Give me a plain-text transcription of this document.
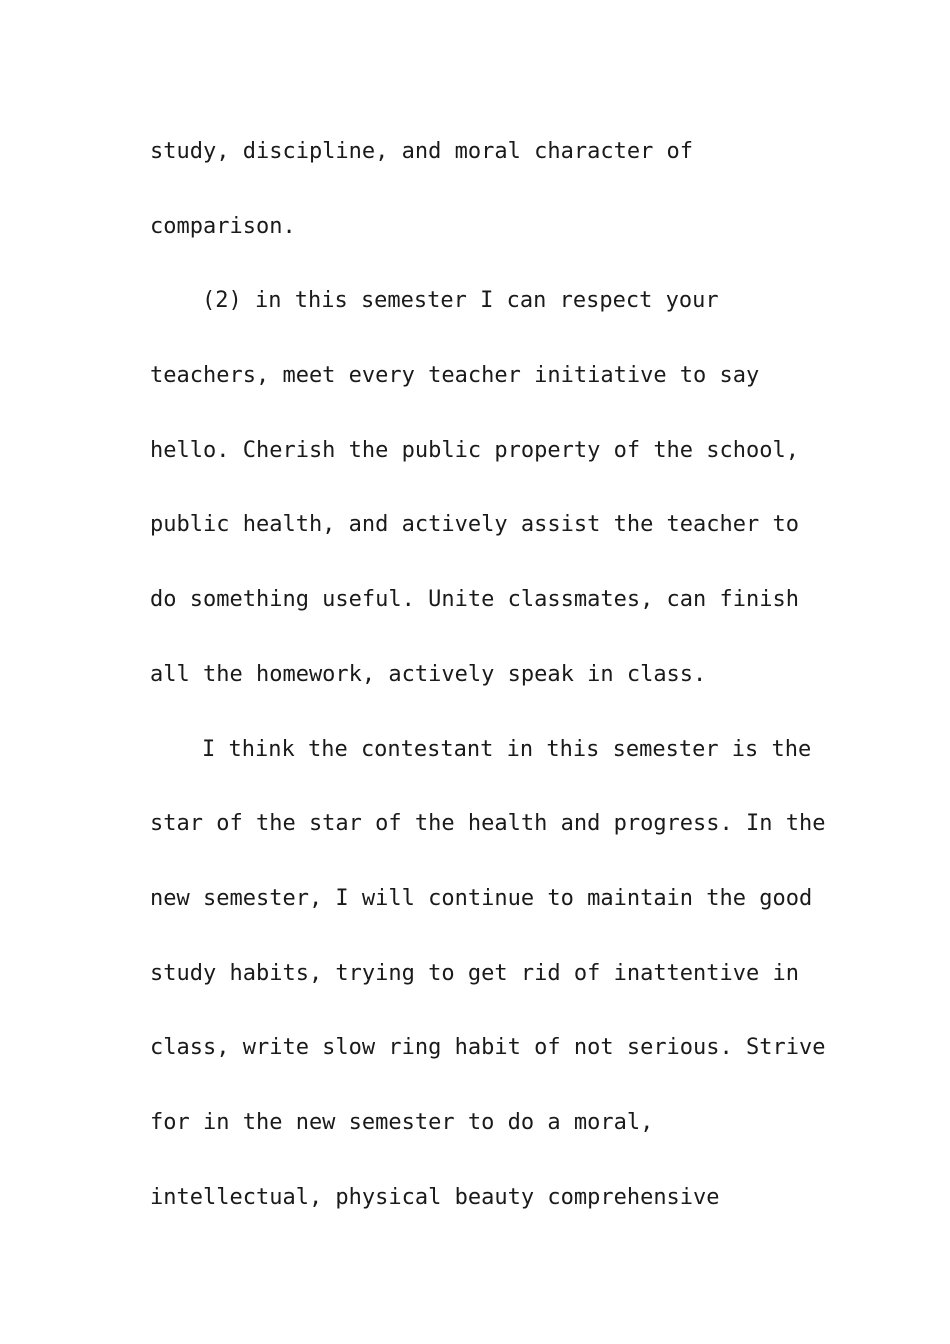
study, discipline, and moral character of
comparison.
(2) in this semester I can respect your
teachers, meet every teacher initiative to say
hello. Cherish the public property of the school,
public health, and actively assist the teacher to
do something useful. Unite classmates, can finish
all the homework, actively speak in class.
I think the contestant in this semester is the
star of the star of the health and progress. In the
new semester, I will continue to maintain the good
study habits, trying to get rid of inattentive in
class, write slow ring habit of not serious. Strive
for in the new semester to do a moral,
intellectual, physical beauty comprehensive
